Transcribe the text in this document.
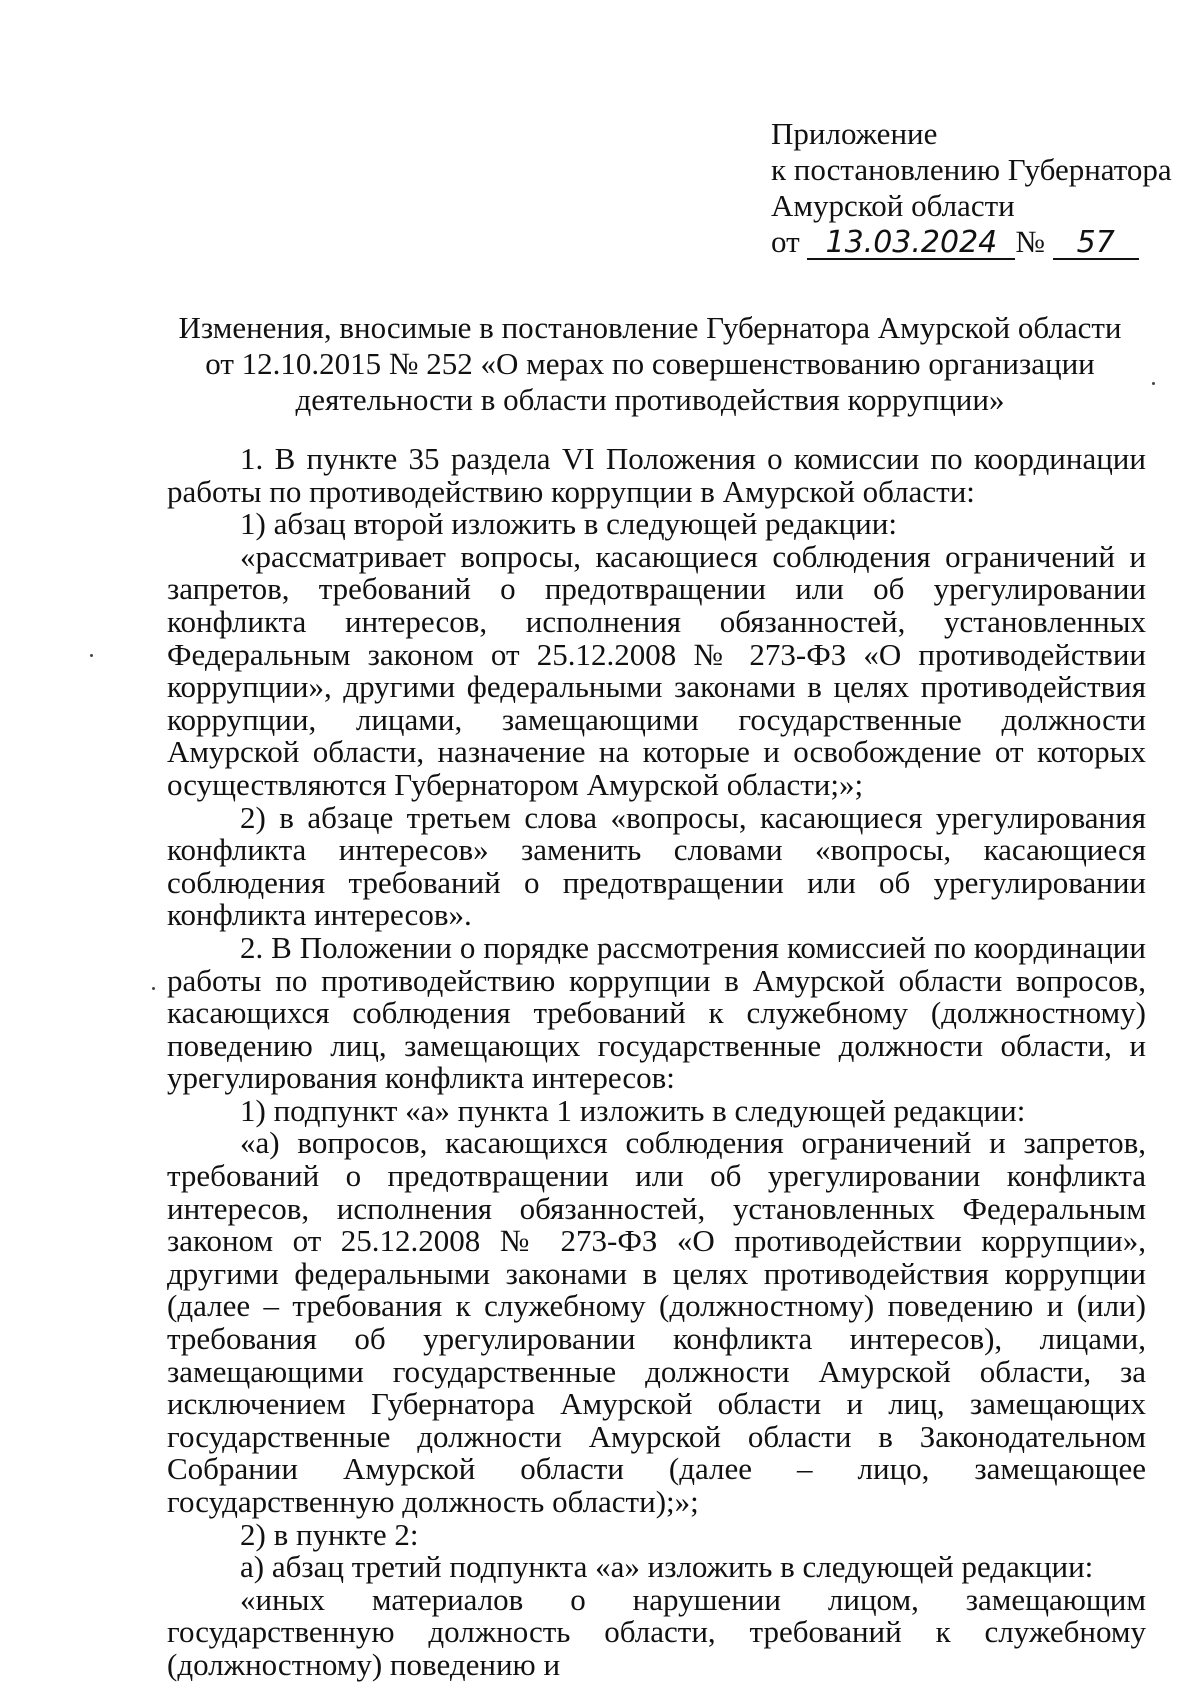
Приложение
к постановлению Губернатора
Амурской области
от 13.03.2024 № 57
Изменения, вносимые в постановление Губернатора Амурской области
от 12.10.2015 № 252 «О мерах по совершенствованию организации
деятельности в области противодействия коррупции»

1. В пункте 35 раздела VI Положения о комиссии по координации работы по противодействию коррупции в Амурской области:

1) абзац второй изложить в следующей редакции:

«рассматривает вопросы, касающиеся соблюдения ограничений и запретов, требований о предотвращении или об урегулировании конфликта интересов, исполнения обязанностей, установленных Федеральным законом от 25.12.2008 № 273-ФЗ «О противодействии коррупции», другими федеральными законами в целях противодействия коррупции, лицами, замещающими государственные должности Амурской области, назначение на которые и освобождение от которых осуществляются Губернатором Амурской области;»;

2) в абзаце третьем слова «вопросы, касающиеся урегулирования конфликта интересов» заменить словами «вопросы, касающиеся соблюдения требований о предотвращении или об урегулировании конфликта интересов».

2. В Положении о порядке рассмотрения комиссией по координации работы по противодействию коррупции в Амурской области вопросов, касающихся соблюдения требований к служебному (должностному) поведению лиц, замещающих государственные должности области, и урегулирования конфликта интересов:

1) подпункт «а» пункта 1 изложить в следующей редакции:

«а) вопросов, касающихся соблюдения ограничений и запретов, требований о предотвращении или об урегулировании конфликта интересов, исполнения обязанностей, установленных Федеральным законом от 25.12.2008 № 273-ФЗ «О противодействии коррупции», другими федеральными законами в целях противодействия коррупции (далее – требования к служебному (должностному) поведению и (или) требования об урегулировании конфликта интересов), лицами, замещающими государственные должности Амурской области, за исключением Губернатора Амурской области и лиц, замещающих государственные должности Амурской области в Законодательном Собрании Амурской области (далее – лицо, замещающее государственную должность области);»;

2) в пункте 2:

а) абзац третий подпункта «а» изложить в следующей редакции:

«иных материалов о нарушении лицом, замещающим государственную должность области, требований к служебному (должностному) поведению и
